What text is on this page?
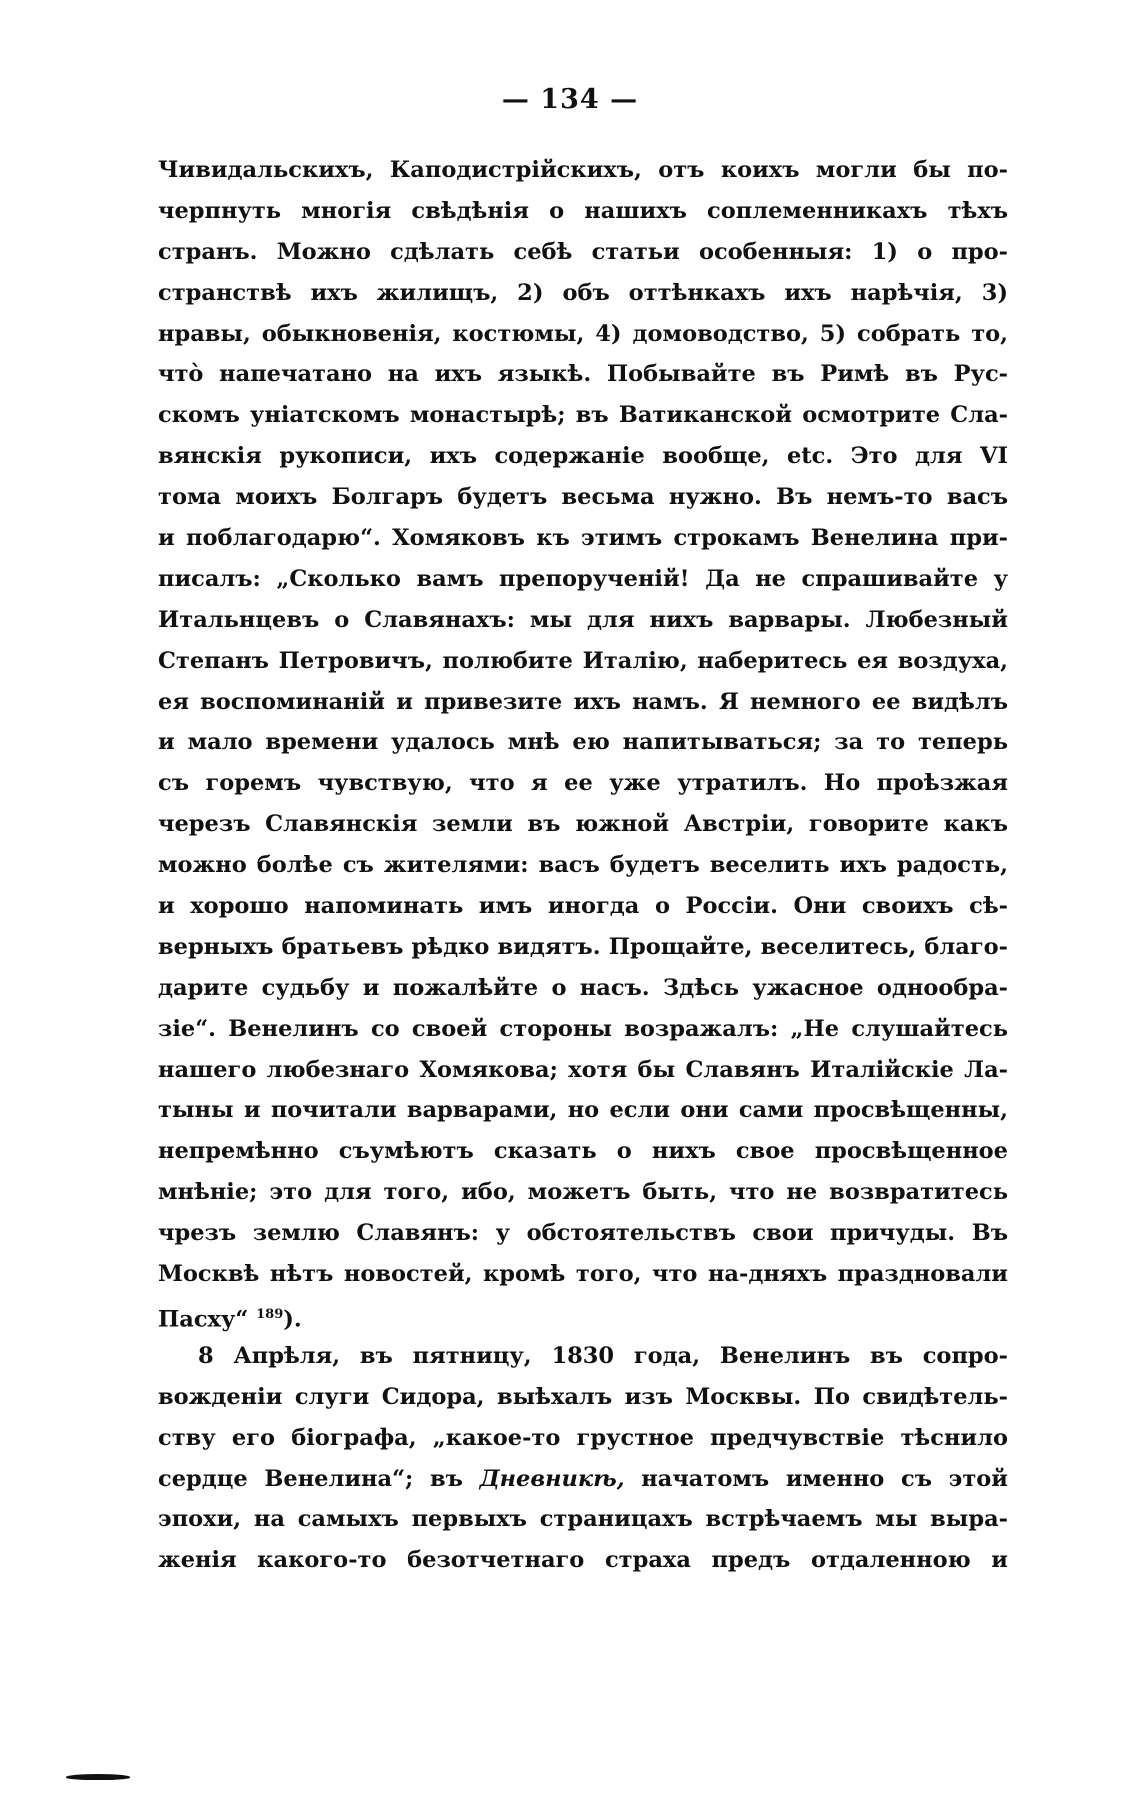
— 134 —
Чивидальскихъ, Каподистрійскихъ, отъ коихъ могли бы по-
черпнуть многія свѣдѣнія о нашихъ соплеменникахъ тѣхъ
странъ. Можно сдѣлать себѣ статьи особенныя: 1) о про-
странствѣ ихъ жилищъ, 2) объ оттѣнкахъ ихъ нарѣчія, 3)
нравы, обыкновенія, костюмы, 4) домоводство, 5) собрать то,
что̀ напечатано на ихъ языкѣ. Побывайте въ Римѣ въ Рус-
скомъ уніатскомъ монастырѣ; въ Ватиканской осмотрите Сла-
вянскія рукописи, ихъ содержаніе вообще, etc. Это для VI
тома моихъ Болгаръ будетъ весьма нужно. Въ немъ-то васъ
и поблагодарю“. Хомяковъ къ этимъ строкамъ Венелина при-
писалъ: „Сколько вамъ препорученій! Да не спрашивайте у
Итальнцевъ о Славянахъ: мы для нихъ варвары. Любезный
Степанъ Петровичъ, полюбите Италію, наберитесь ея воздуха,
ея воспоминаній и привезите ихъ намъ. Я немного ее видѣлъ
и мало времени удалось мнѣ ею напитываться; за то теперь
съ горемъ чувствую, что я ее уже утратилъ. Но проѣзжая
черезъ Славянскія земли въ южной Австріи, говорите какъ
можно болѣе съ жителями: васъ будетъ веселить ихъ радость,
и хорошо напоминать имъ иногда о Россіи. Они своихъ сѣ-
верныхъ братьевъ рѣдко видятъ. Прощайте, веселитесь, благо-
дарите судьбу и пожалѣйте о насъ. Здѣсь ужасное однообра-
зіе“. Венелинъ со своей стороны возражалъ: „Не слушайтесь
нашего любезнаго Хомякова; хотя бы Славянъ Италійскіе Ла-
тыны и почитали варварами, но если они сами просвѣщенны,
непремѣнно съумѣютъ сказать о нихъ свое просвѣщенное
мнѣніе; это для того, ибо, можетъ быть, что не возвратитесь
чрезъ землю Славянъ: у обстоятельствъ свои причуды. Въ
Москвѣ нѣтъ новостей, кромѣ того, что на-дняхъ праздновали
Пасху“ $^{189}$).
8 Апрѣля, въ пятницу, 1830 года, Венелинъ въ сопро-
вожденіи слуги Сидора, выѣхалъ изъ Москвы. По свидѣтель-
ству его біографа, „какое-то грустное предчувствіе тѣснило
сердце Венелина“; въ Дневникѣ, начатомъ именно съ этой
эпохи, на самыхъ первыхъ страницахъ встрѣчаемъ мы выра-
женія какого-то безотчетнаго страха предъ отдаленною и
